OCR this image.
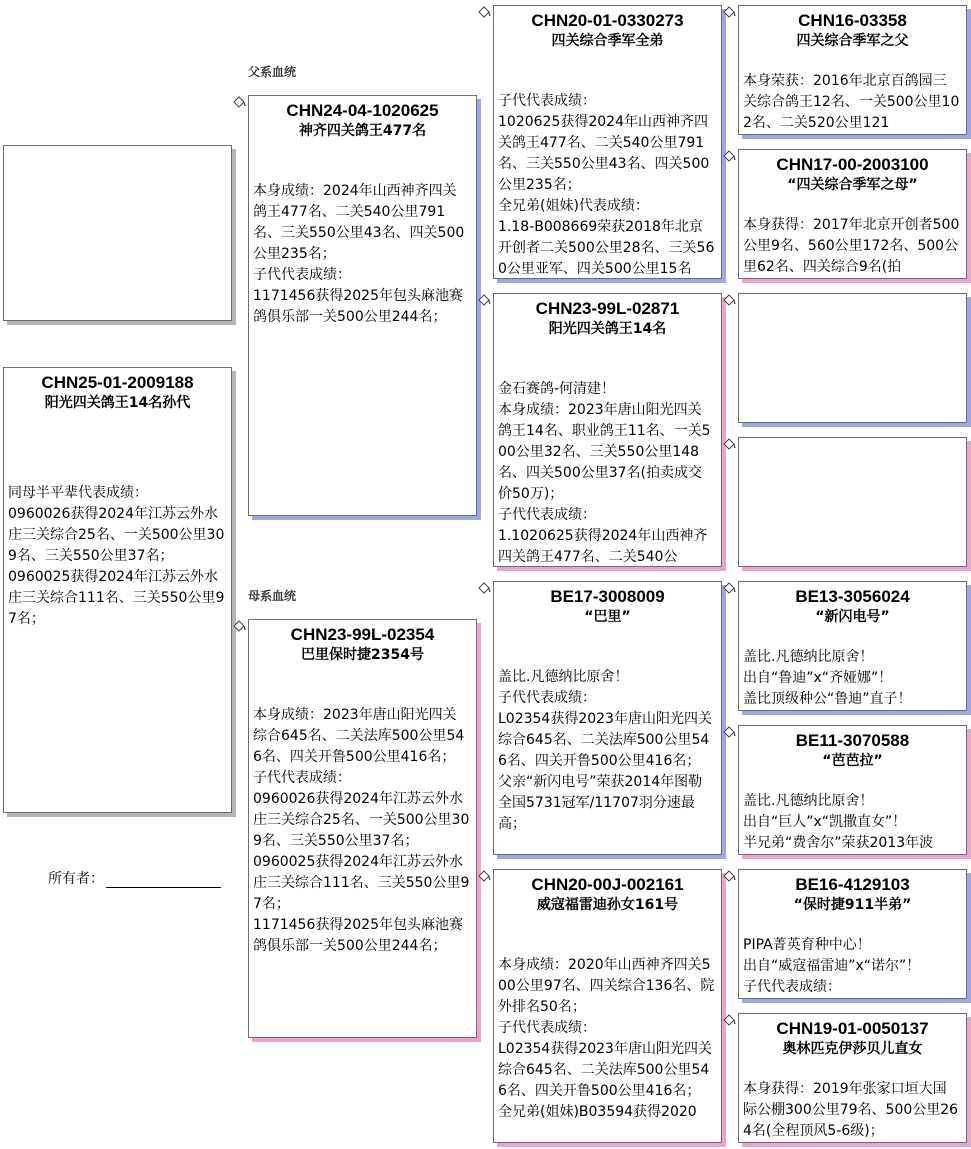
父系血统
母系血统
CHN25-01-2009188
阳光四关鸽王14名孙代
同母半平辈代表成绩：
0960026获得2024年江苏云外水庄三关综合25名、一关500公里309名、三关550公里37名；
0960025获得2024年江苏云外水庄三关综合111名、三关550公里97名；
所有者：
CHN24-04-1020625
神齐四关鸽王477名
本身成绩：2024年山西神齐四关鸽王477名、二关540公里791名、三关550公里43名、四关500公里235名；
子代代表成绩：
1171456获得2025年包头麻池赛鸽俱乐部一关500公里244名；
CHN23-99L-02354
巴里保时捷2354号
本身成绩：2023年唐山阳光四关综合645名、二关法库500公里546名、四关开鲁500公里416名；
子代代表成绩：
0960026获得2024年江苏云外水庄三关综合25名、一关500公里309名、三关550公里37名；
0960025获得2024年江苏云外水庄三关综合111名、三关550公里97名；
1171456获得2025年包头麻池赛鸽俱乐部一关500公里244名；
CHN20-01-0330273
四关综合季军全弟
子代代表成绩：
1020625获得2024年山西神齐四关鸽王477名、二关540公里791名、三关550公里43名、四关500公里235名；
全兄弟(姐妹)代表成绩：
1.18-B008669荣获2018年北京开创者二关500公里28名、三关560公里亚军、四关500公里15名
CHN23-99L-02871
阳光四关鸽王14名
金石赛鸽-何清建！
本身成绩：2023年唐山阳光四关鸽王14名、职业鸽王11名、一关500公里32名、三关550公里148名、四关500公里37名(拍卖成交价50万)；
子代代表成绩：
1.1020625获得2024年山西神齐四关鸽王477名、二关540公
BE17-3008009
“巴里”
盖比.凡德纳比原舍！
子代代表成绩：
L02354获得2023年唐山阳光四关综合645名、二关法库500公里546名、四关开鲁500公里416名；
父亲“新闪电号”荣获2014年图勒全国5731冠军/11707羽分速最高；
CHN20-00J-002161
威寇福雷迪孙女161号
本身成绩：2020年山西神齐四关500公里97名、四关综合136名、院外排名50名；
子代代表成绩：
L02354获得2023年唐山阳光四关综合645名、二关法库500公里546名、四关开鲁500公里416名；
全兄弟(姐妹)B03594获得2020
CHN16-03358
四关综合季军之父
本身荣获：2016年北京百鸽园三关综合鸽王12名、一关500公里102名、二关520公里121
CHN17-00-2003100
“四关综合季军之母”
本身获得：2017年北京开创者500公里9名、560公里172名、500公里62名、四关综合9名(拍
BE13-3056024
“新闪电号”
盖比.凡德纳比原舍！
出自“鲁迪”x“齐娅娜”！
盖比顶级种公“鲁迪”直子！
BE11-3070588
“芭芭拉”
盖比.凡德纳比原舍！
出自“巨人”x“凯撒直女”！
半兄弟“费舍尔”荣获2013年波
BE16-4129103
“保时捷911半弟”
PIPA菁英育种中心！
出自“威寇福雷迪”x“诺尔”！
子代代表成绩：
CHN19-01-0050137
奥林匹克伊莎贝儿直女
本身获得：2019年张家口垣大国际公棚300公里79名、500公里264名(全程顶风5-6级)；
